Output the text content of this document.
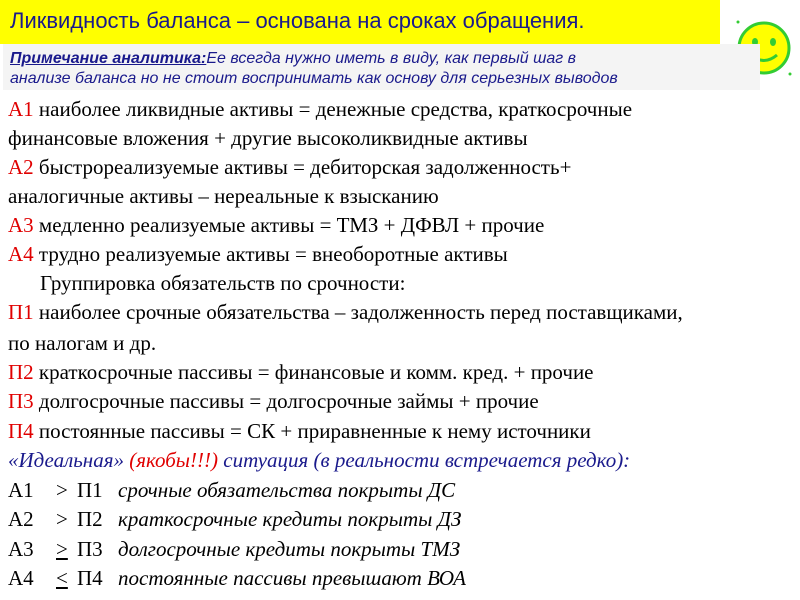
Ликвидность баланса – основана на сроках обращения.
Примечание аналитика:Ее всегда нужно иметь в виду, как первый шаг в
анализе баланса но не стоит воспринимать как основу для серьезных выводов
А1 наиболее ликвидные активы = денежные средства, краткосрочные
финансовые вложения + другие высоколиквидные активы
А2 быстрореализуемые активы = дебиторская задолженность+
аналогичные активы – нереальные к взысканию
А3 медленно реализуемые активы = ТМЗ + ДФВЛ + прочие
А4 трудно реализуемые активы = внеоборотные активы
Группировка обязательств по срочности:
П1 наиболее срочные обязательства – задолженность перед поставщиками,
по налогам и др.
П2 краткосрочные пассивы = финансовые и комм. кред. + прочие
П3 долгосрочные пассивы = долгосрочные займы + прочие
П4 постоянные пассивы = СК + приравненные к нему источники
«Идеальная» (якобы!!!) ситуация (в реальности встречается редко):
А1 > П1 срочные обязательства покрыты ДС
А2 > П2 краткосрочные кредиты покрыты ДЗ
А3 > П3 долгосрочные кредиты покрыты ТМЗ
А4 < П4 постоянные пассивы превышают ВОА
